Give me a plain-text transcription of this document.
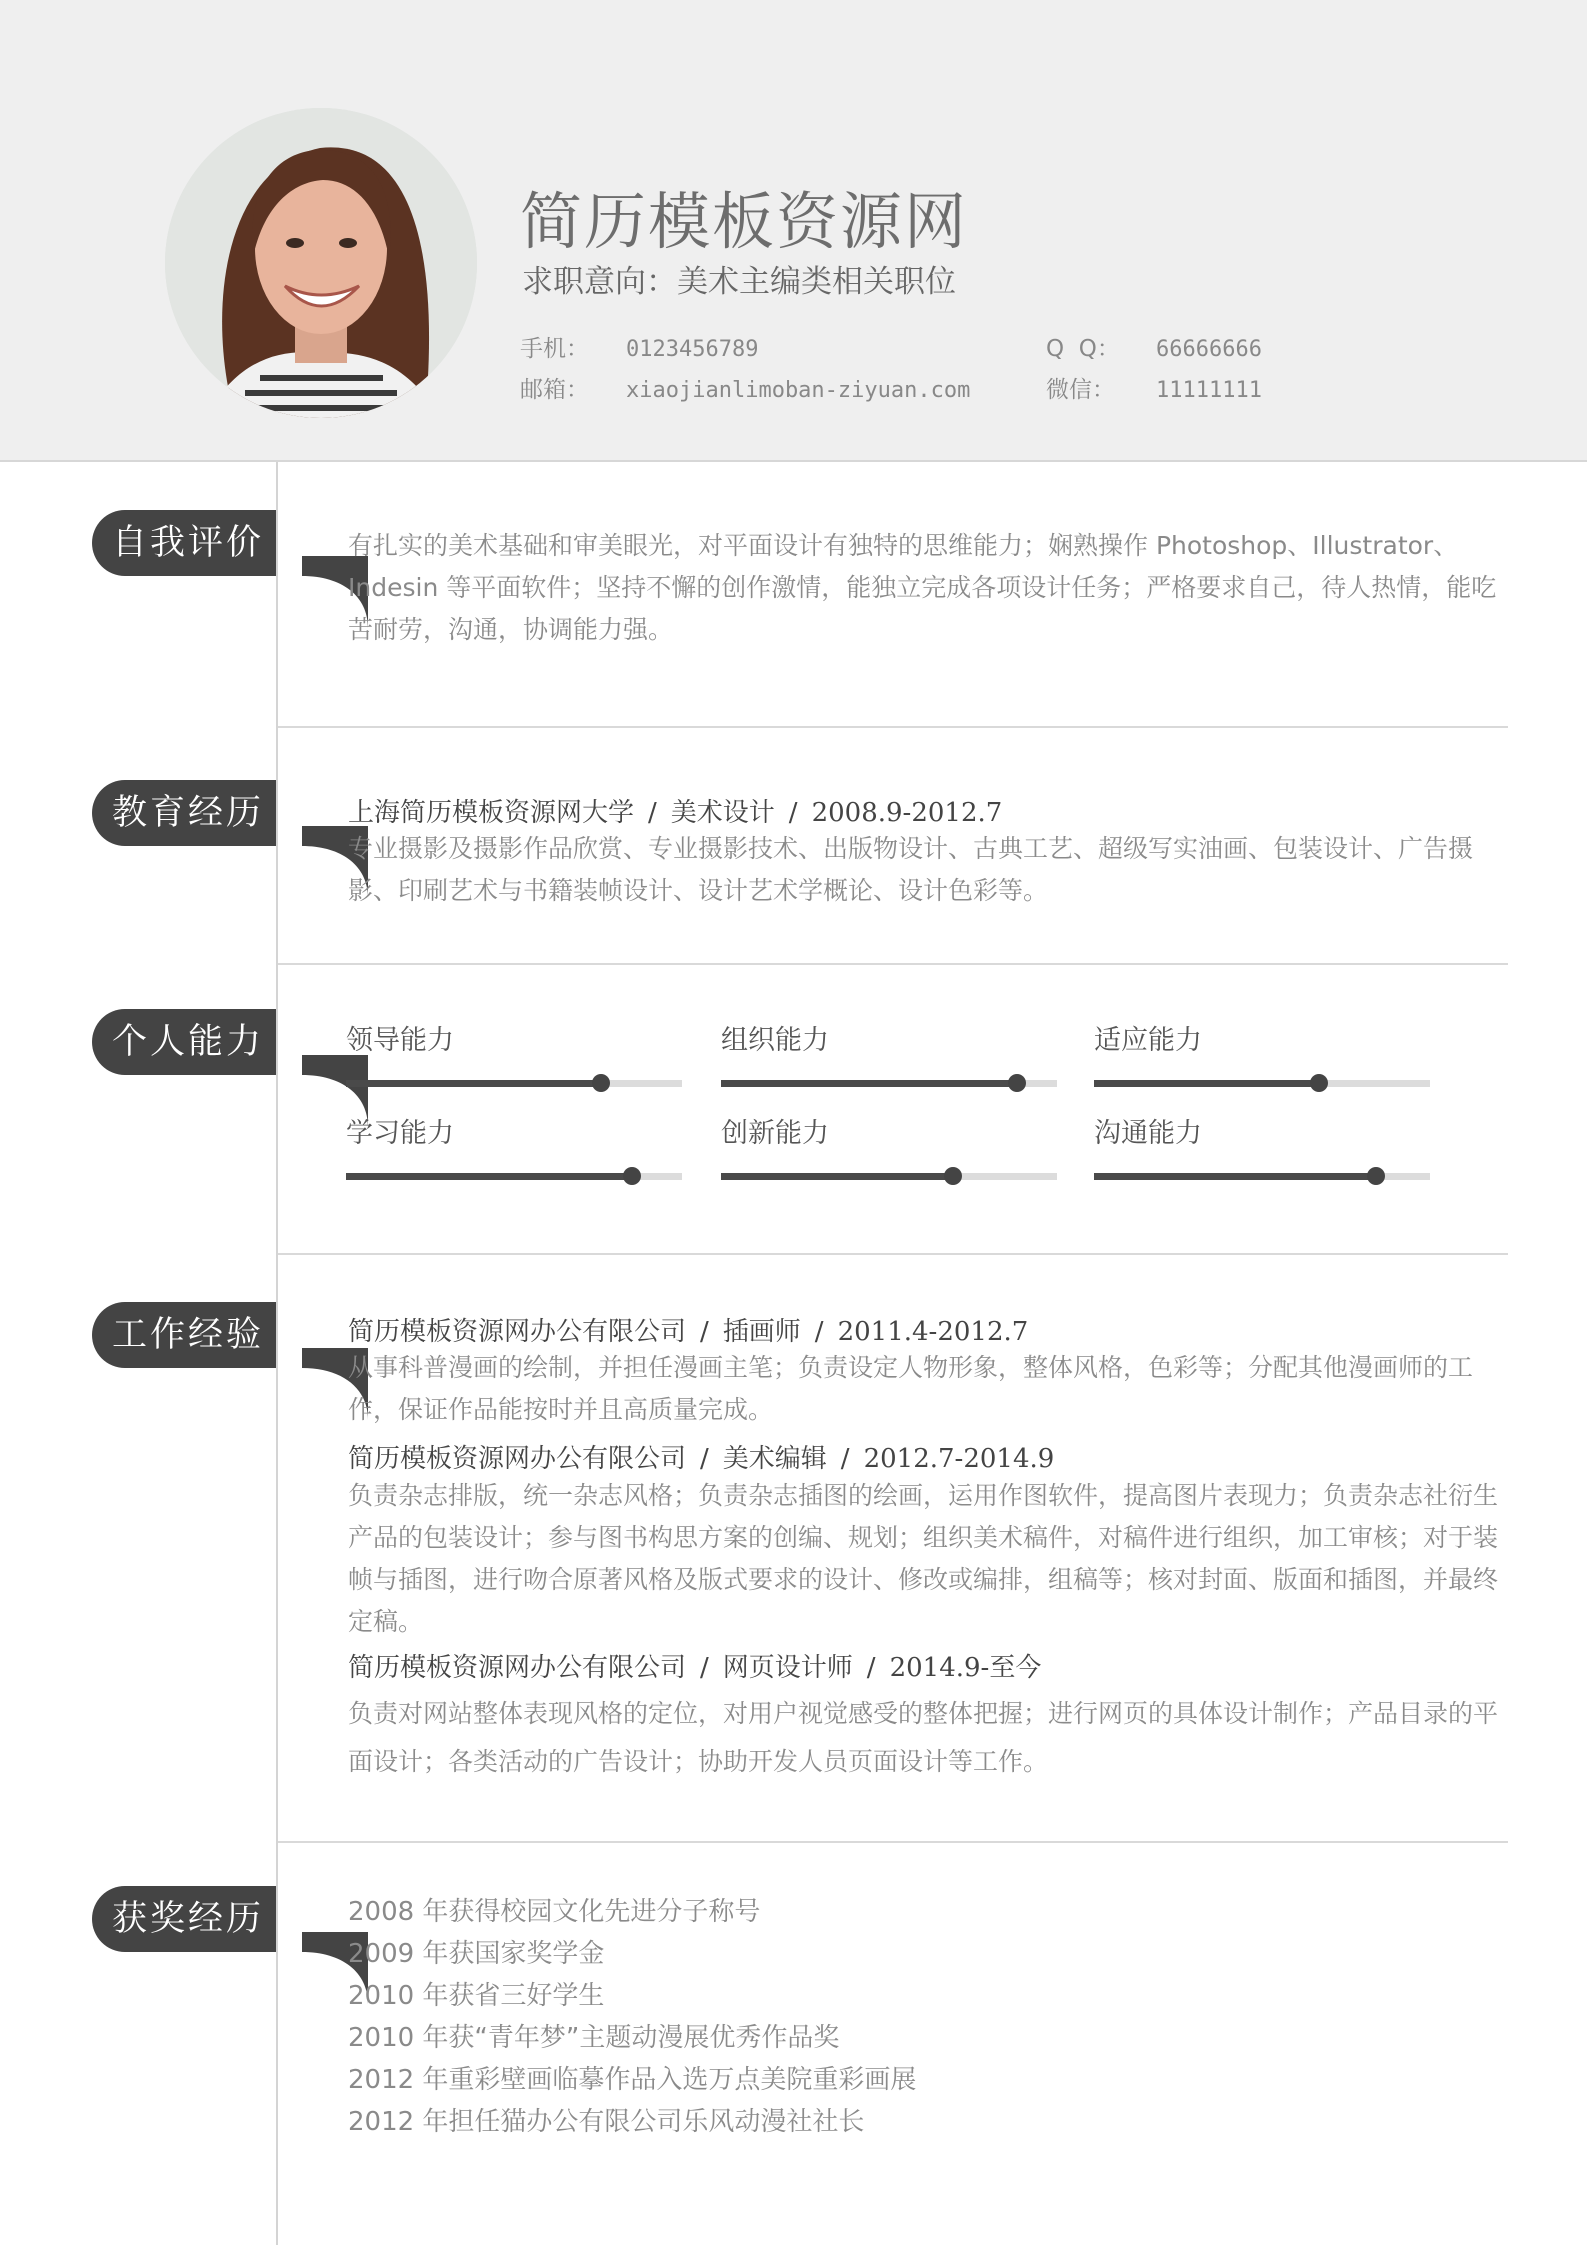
简历模板资源网
求职意向：美术主编类相关职位
手机： 0123456789	Q  Q： 66666666
邮箱： xiaojianlimoban-ziyuan.com	微信： 11111111
自我评价	有扎实的美术基础和审美眼光，对平面设计有独特的思维能力；娴熟操作 Photoshop、Illustrator、Indesin 等平面软件；坚持不懈的创作激情，能独立完成各项设计任务；严格要求自己，待人热情，能吃苦耐劳，沟通，协调能力强。
教育经历	上海简历模板资源网大学 / 美术设计 / 2008.9-2012.7
专业摄影及摄影作品欣赏、专业摄影技术、出版物设计、古典工艺、超级写实油画、包装设计、广告摄影、印刷艺术与书籍装帧设计、设计艺术学概论、设计色彩等。
个人能力	领导能力	组织能力	适应能力
学习能力	创新能力	沟通能力
工作经验	简历模板资源网办公有限公司 / 插画师 / 2011.4-2012.7
从事科普漫画的绘制，并担任漫画主笔；负责设定人物形象，整体风格，色彩等；分配其他漫画师的工作，保证作品能按时并且高质量完成。
简历模板资源网办公有限公司 / 美术编辑 / 2012.7-2014.9
负责杂志排版，统一杂志风格；负责杂志插图的绘画，运用作图软件，提高图片表现力；负责杂志社衍生产品的包装设计；参与图书构思方案的创编、规划；组织美术稿件，对稿件进行组织，加工审核；对于装帧与插图，进行吻合原著风格及版式要求的设计、修改或编排，组稿等；核对封面、版面和插图，并最终定稿。
简历模板资源网办公有限公司 / 网页设计师 / 2014.9-至今
负责对网站整体表现风格的定位，对用户视觉感受的整体把握；进行网页的具体设计制作；产品目录的平面设计；各类活动的广告设计；协助开发人员页面设计等工作。
获奖经历	2008 年获得校园文化先进分子称号
2009 年获国家奖学金
2010 年获省三好学生
2010 年获“青年梦”主题动漫展优秀作品奖
2012 年重彩壁画临摹作品入选万点美院重彩画展
2012 年担任猫办公有限公司乐风动漫社社长
